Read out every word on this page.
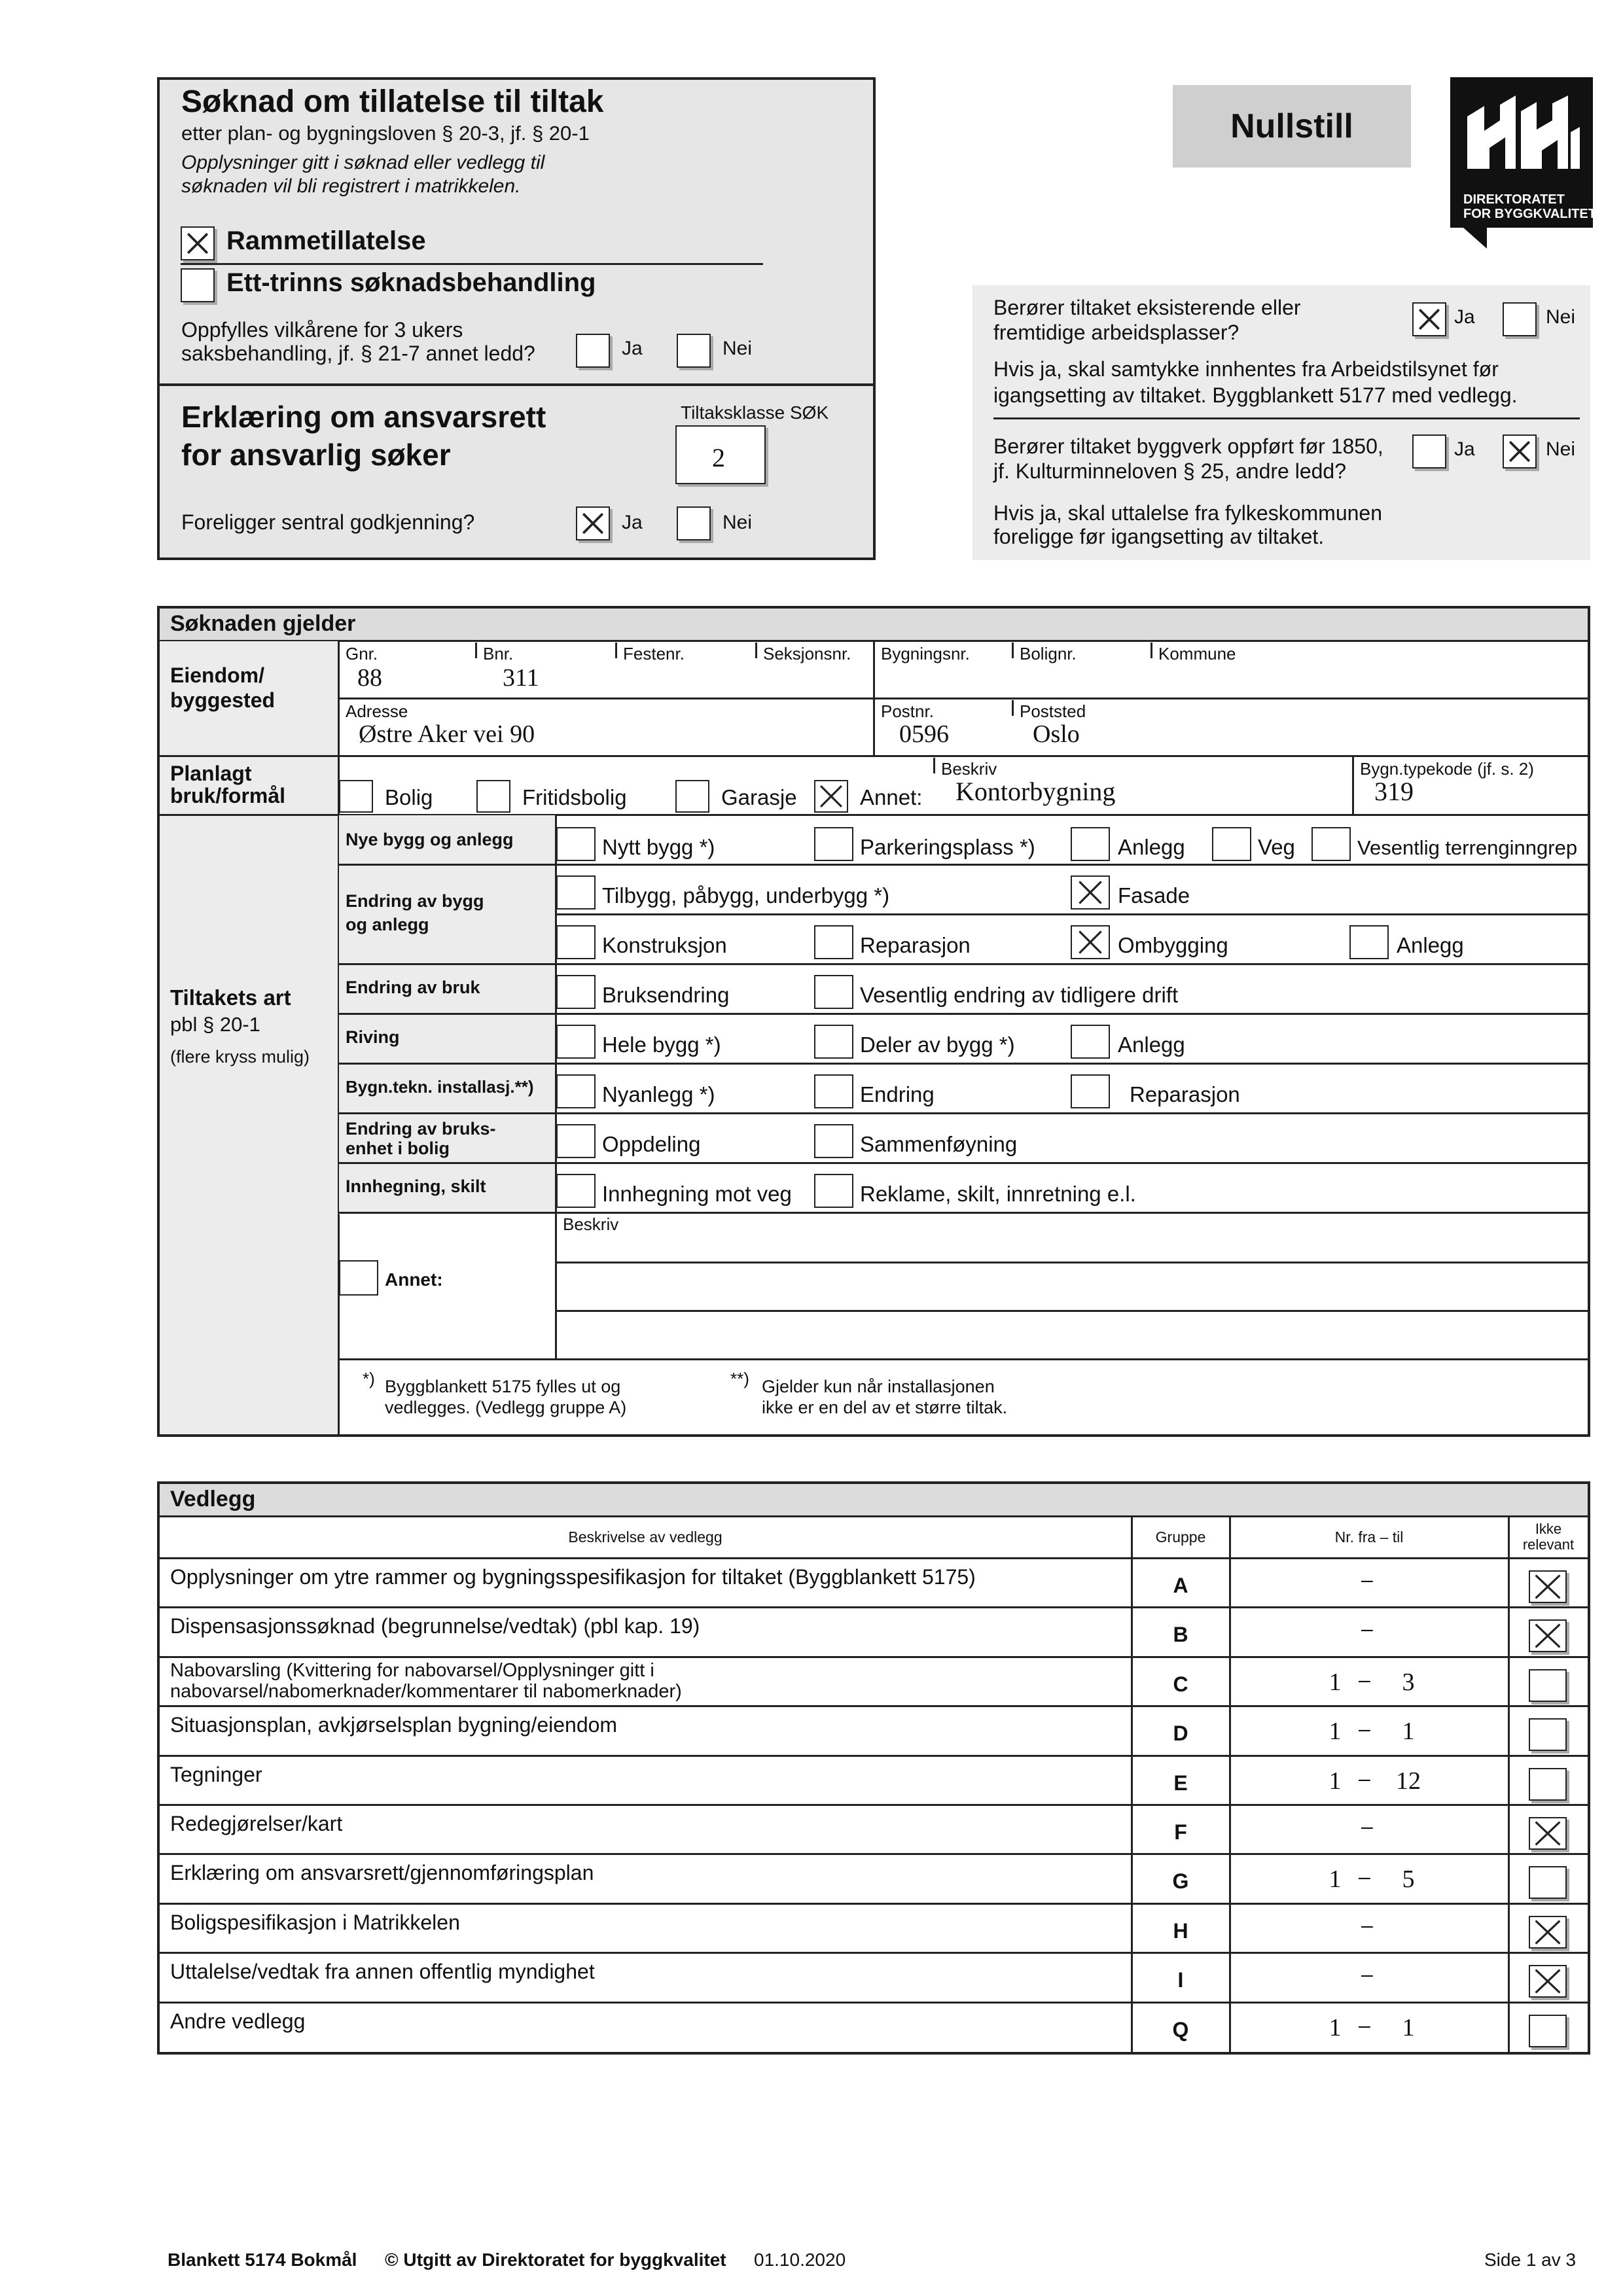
Søknad om tillatelse til tiltak
etter plan- og bygningsloven § 20-3, jf. § 20-1
Opplysninger gitt i søknad eller vedlegg til
søknaden vil bli registrert i matrikkelen.
Rammetillatelse
Ett-trinns søknadsbehandling
Oppfylles vilkårene for 3 ukers
saksbehandling, jf. § 21-7 annet ledd?	Ja	Nei
Erklæring om ansvarsrett
for ansvarlig søker
Tiltaksklasse SØK
2
Foreligger sentral godkjenning?	Ja	Nei
Nullstill
DIREKTORATET
FOR BYGGKVALITET
Berører tiltaket eksisterende eller
fremtidige arbeidsplasser?
Ja	Nei
Hvis ja, skal samtykke innhentes fra Arbeidstilsynet før
igangsetting av tiltaket. Byggblankett 5177 med vedlegg.
Berører tiltaket byggverk oppført før 1850,
jf. Kulturminneloven § 25, andre ledd?
Ja	Nei
Hvis ja, skal uttalelse fra fylkeskommunen
foreligge før igangsetting av tiltaket.
Søknaden gjelder
Eiendom/
byggested
Gnr.	Bnr.	Festenr.	Seksjonsnr. Bygningsnr.	Bolignr.	Kommune
88	311
Adresse
Østre Aker vei 90
Postnr.	Poststed
0596	Oslo
Planlagt
bruk/formål	Bolig	Fritidsbolig	Garasje	Annet:
Beskriv
Kontorbygning
Bygn.typekode (jf. s. 2)
319
Tiltakets art
pbl § 20-1
(flere kryss mulig)
Nye bygg og anlegg	Nytt bygg *)	Parkeringsplass *)	Anlegg	Veg	Vesentlig terrenginngrep
Endring av bygg
og anlegg
Tilbygg, påbygg, underbygg *)	Fasade
Konstruksjon	Reparasjon	Ombygging	Anlegg
Endring av bruk	Bruksendring	Vesentlig endring av tidligere drift
Riving	Hele bygg *)	Deler av bygg *)	Anlegg
Bygn.tekn. installasj.**)	Nyanlegg *)	Endring	Reparasjon
Endring av bruks-
enhet i bolig	Oppdeling	Sammenføyning
Innhegning, skilt	Innhegning mot veg	Reklame, skilt, innretning e.l.
Beskriv
Annet:
*) Byggblankett 5175 fylles ut og
vedlegges. (Vedlegg gruppe A)
**) Gjelder kun når installasjonen
ikke er en del av et større tiltak.
Vedlegg
Beskrivelse av vedlegg	Gruppe	Nr. fra – til	Ikke
relevant
Opplysninger om ytre rammer og bygningsspesifikasjon for tiltaket (Byggblankett 5175)	A	–
Dispensasjonssøknad (begrunnelse/vedtak) (pbl kap. 19)	B	–
Nabovarsling (Kvittering for nabovarsel/Opplysninger gitt i
nabovarsel/nabomerknader/kommentarer til nabomerknader)	C	1 –	3
Situasjonsplan, avkjørselsplan bygning/eiendom	D	1 –	1
Tegninger	E	1 –	12
Redegjørelser/kart	F	–
Erklæring om ansvarsrett/gjennomføringsplan	G	1 –	5
Boligspesifikasjon i Matrikkelen	H	–
Uttalelse/vedtak fra annen offentlig myndighet	I	–
Andre vedlegg	Q	1 –	1
Blankett 5174 Bokmål © Utgitt av Direktoratet for byggkvalitet 01.10.2020	Side 1 av 3
